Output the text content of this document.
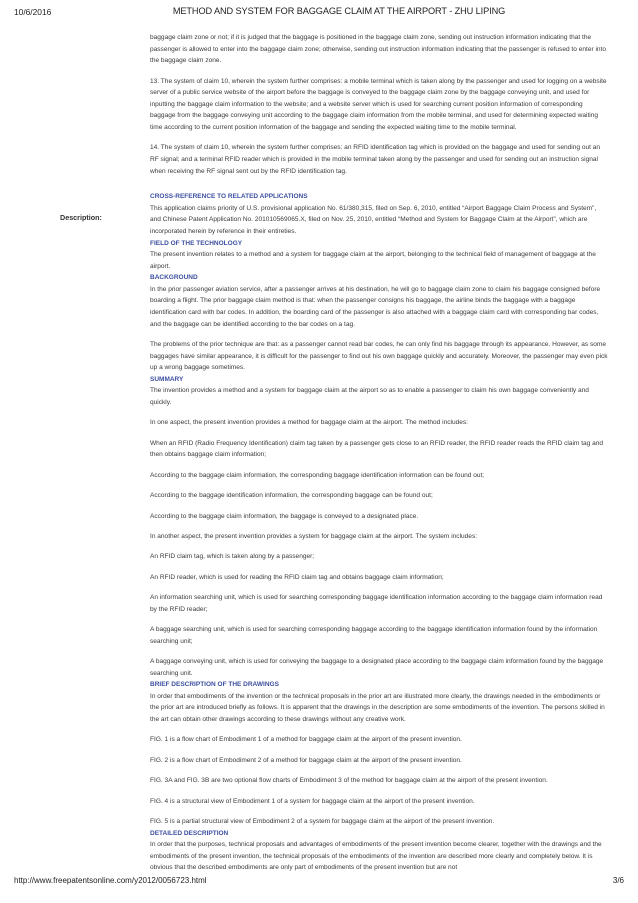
10/6/2016	METHOD AND SYSTEM FOR BAGGAGE CLAIM AT THE AIRPORT - ZHU LIPING
Description:

baggage claim zone or not; if it is judged that the baggage is positioned in the baggage claim zone, sending out instruction information indicating that the passenger is allowed to enter into the baggage claim zone; otherwise, sending out instruction information indicating that the passenger is refused to enter into the baggage claim zone.

13. The system of claim 10, wherein the system further comprises: a mobile terminal which is taken along by the passenger and used for logging on a website server of a public service website of the airport before the baggage is conveyed to the baggage claim zone by the baggage conveying unit, and used for inputting the baggage claim information to the website; and a website server which is used for searching current position information of corresponding baggage from the baggage conveying unit according to the baggage claim information from the mobile terminal, and used for determining expected waiting time according to the current position information of the baggage and sending the expected waiting time to the mobile terminal.

14. The system of claim 10, wherein the system further comprises: an RFID identification tag which is provided on the baggage and used for sending out an RF signal; and a terminal RFID reader which is provided in the mobile terminal taken along by the passenger and used for sending out an instruction signal when receiving the RF signal sent out by the RFID identification tag.

CROSS-REFERENCE TO RELATED APPLICATIONS

This application claims priority of U.S. provisional application No. 61/380,315, filed on Sep. 6, 2010, entitled “Airport Baggage Claim Process and System”, and Chinese Patent Application No. 201010569065.X, filed on Nov. 25, 2010, entitled “Method and System for Baggage Claim at the Airport”, which are incorporated herein by reference in their entireties.

FIELD OF THE TECHNOLOGY

The present invention relates to a method and a system for baggage claim at the airport, belonging to the technical field of management of baggage at the airport.

BACKGROUND

In the prior passenger aviation service, after a passenger arrives at his destination, he will go to baggage claim zone to claim his baggage consigned before boarding a flight. The prior baggage claim method is that: when the passenger consigns his baggage, the airline binds the baggage with a baggage identification card with bar codes. In addition, the boarding card of the passenger is also attached with a baggage claim card with corresponding bar codes, and the baggage can be identified according to the bar codes on a tag.

The problems of the prior technique are that: as a passenger cannot read bar codes, he can only find his baggage through its appearance. However, as some baggages have similar appearance, it is difficult for the passenger to find out his own baggage quickly and accurately. Moreover, the passenger may even pick up a wrong baggage sometimes.

SUMMARY

The invention provides a method and a system for baggage claim at the airport so as to enable a passenger to claim his own baggage conveniently and quickly.

In one aspect, the present invention provides a method for baggage claim at the airport. The method includes:

When an RFID (Radio Frequency Identification) claim tag taken by a passenger gets close to an RFID reader, the RFID reader reads the RFID claim tag and then obtains baggage claim information;

According to the baggage claim information, the corresponding baggage identification information can be found out;

According to the baggage identification information, the corresponding baggage can be found out;

According to the baggage claim information, the baggage is conveyed to a designated place.

In another aspect, the present invention provides a system for baggage claim at the airport. The system includes:

An RFID claim tag, which is taken along by a passenger;

An RFID reader, which is used for reading the RFID claim tag and obtains baggage claim information;

An information searching unit, which is used for searching corresponding baggage identification information according to the baggage claim information read by the RFID reader;

A baggage searching unit, which is used for searching corresponding baggage according to the baggage identification information found by the information searching unit;

A baggage conveying unit, which is used for conveying the baggage to a designated place according to the baggage claim information found by the baggage searching unit.

BRIEF DESCRIPTION OF THE DRAWINGS

In order that embodiments of the invention or the technical proposals in the prior art are illustrated more clearly, the drawings needed in the embodiments or the prior art are introduced briefly as follows. It is apparent that the drawings in the description are some embodiments of the invention. The persons skilled in the art can obtain other drawings according to these drawings without any creative work.

FIG. 1 is a flow chart of Embodiment 1 of a method for baggage claim at the airport of the present invention.

FIG. 2 is a flow chart of Embodiment 2 of a method for baggage claim at the airport of the present invention.

FIG. 3A and FIG. 3B are two optional flow charts of Embodiment 3 of the method for baggage claim at the airport of the present invention.

FIG. 4 is a structural view of Embodiment 1 of a system for baggage claim at the airport of the present invention.

FIG. 5 is a partial structural view of Embodiment 2 of a system for baggage claim at the airport of the present invention.

DETAILED DESCRIPTION

In order that the purposes, technical proposals and advantages of embodiments of the present invention become clearer, together with the drawings and the embodiments of the present invention, the technical proposals of the embodiments of the invention are described more clearly and completely below. It is obvious that the described embodiments are only part of embodiments of the present invention but are not

http://www.freepatentsonline.com/y2012/0056723.html	3/6
